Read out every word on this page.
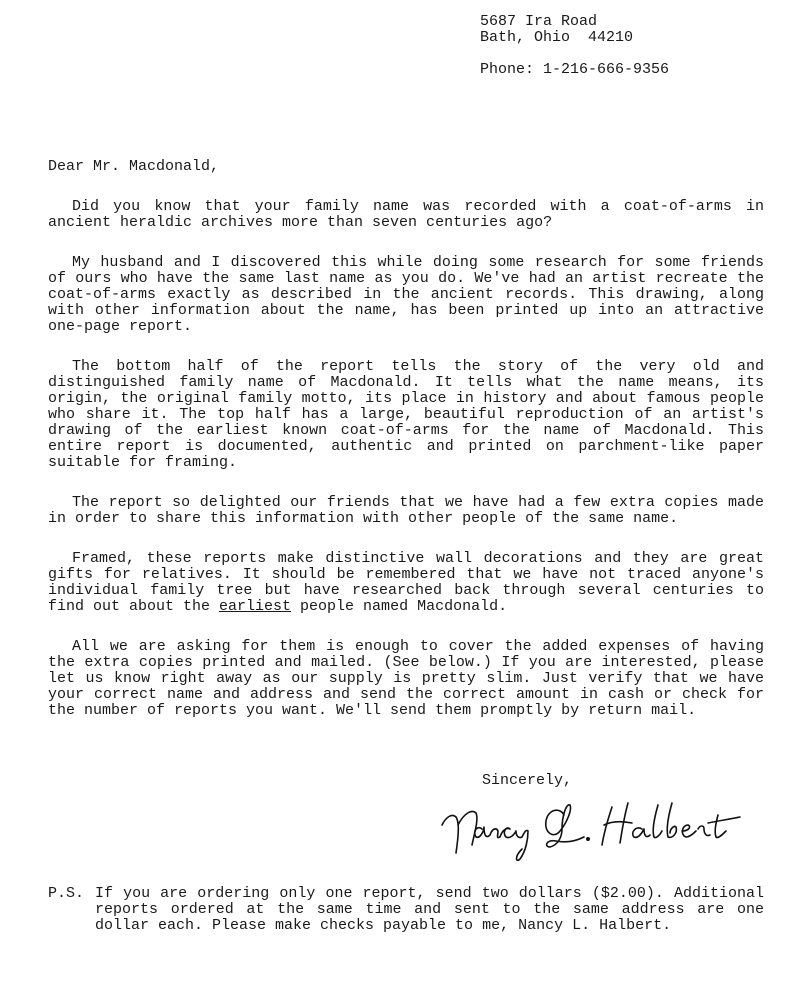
5687 Ira Road
Bath, Ohio  44210
Phone: 1-216-666-9356
Dear Mr. Macdonald,

Did you know that your family name was recorded with a coat-of-arms in ancient heraldic archives more than seven centuries ago?

My husband and I discovered this while doing some research for some friends of ours who have the same last name as you do. We've had an artist recreate the coat-of-arms exactly as described in the ancient records. This drawing, along with other information about the name, has been printed up into an attractive one-page report.

The bottom half of the report tells the story of the very old and distinguished family name of Macdonald. It tells what the name means, its origin, the original family motto, its place in history and about famous people who share it. The top half has a large, beautiful reproduction of an artist's drawing of the earliest known coat-of-arms for the name of Macdonald. This entire report is documented, authentic and printed on parchment-like paper suitable for framing.

The report so delighted our friends that we have had a few extra copies made in order to share this information with other people of the same name.

Framed, these reports make distinctive wall decorations and they are great gifts for relatives. It should be remembered that we have not traced anyone's individual family tree but have researched back through several centuries to find out about the earliest people named Macdonald.

All we are asking for them is enough to cover the added expenses of having the extra copies printed and mailed. (See below.) If you are interested, please let us know right away as our supply is pretty slim. Just verify that we have your correct name and address and send the correct amount in cash or check for the number of reports you want. We'll send them promptly by return mail.

Sincerely,
P.S. If you are ordering only one report, send two dollars ($2.00). Additional reports ordered at the same time and sent to the same address are one dollar each. Please make checks payable to me, Nancy L. Halbert.
